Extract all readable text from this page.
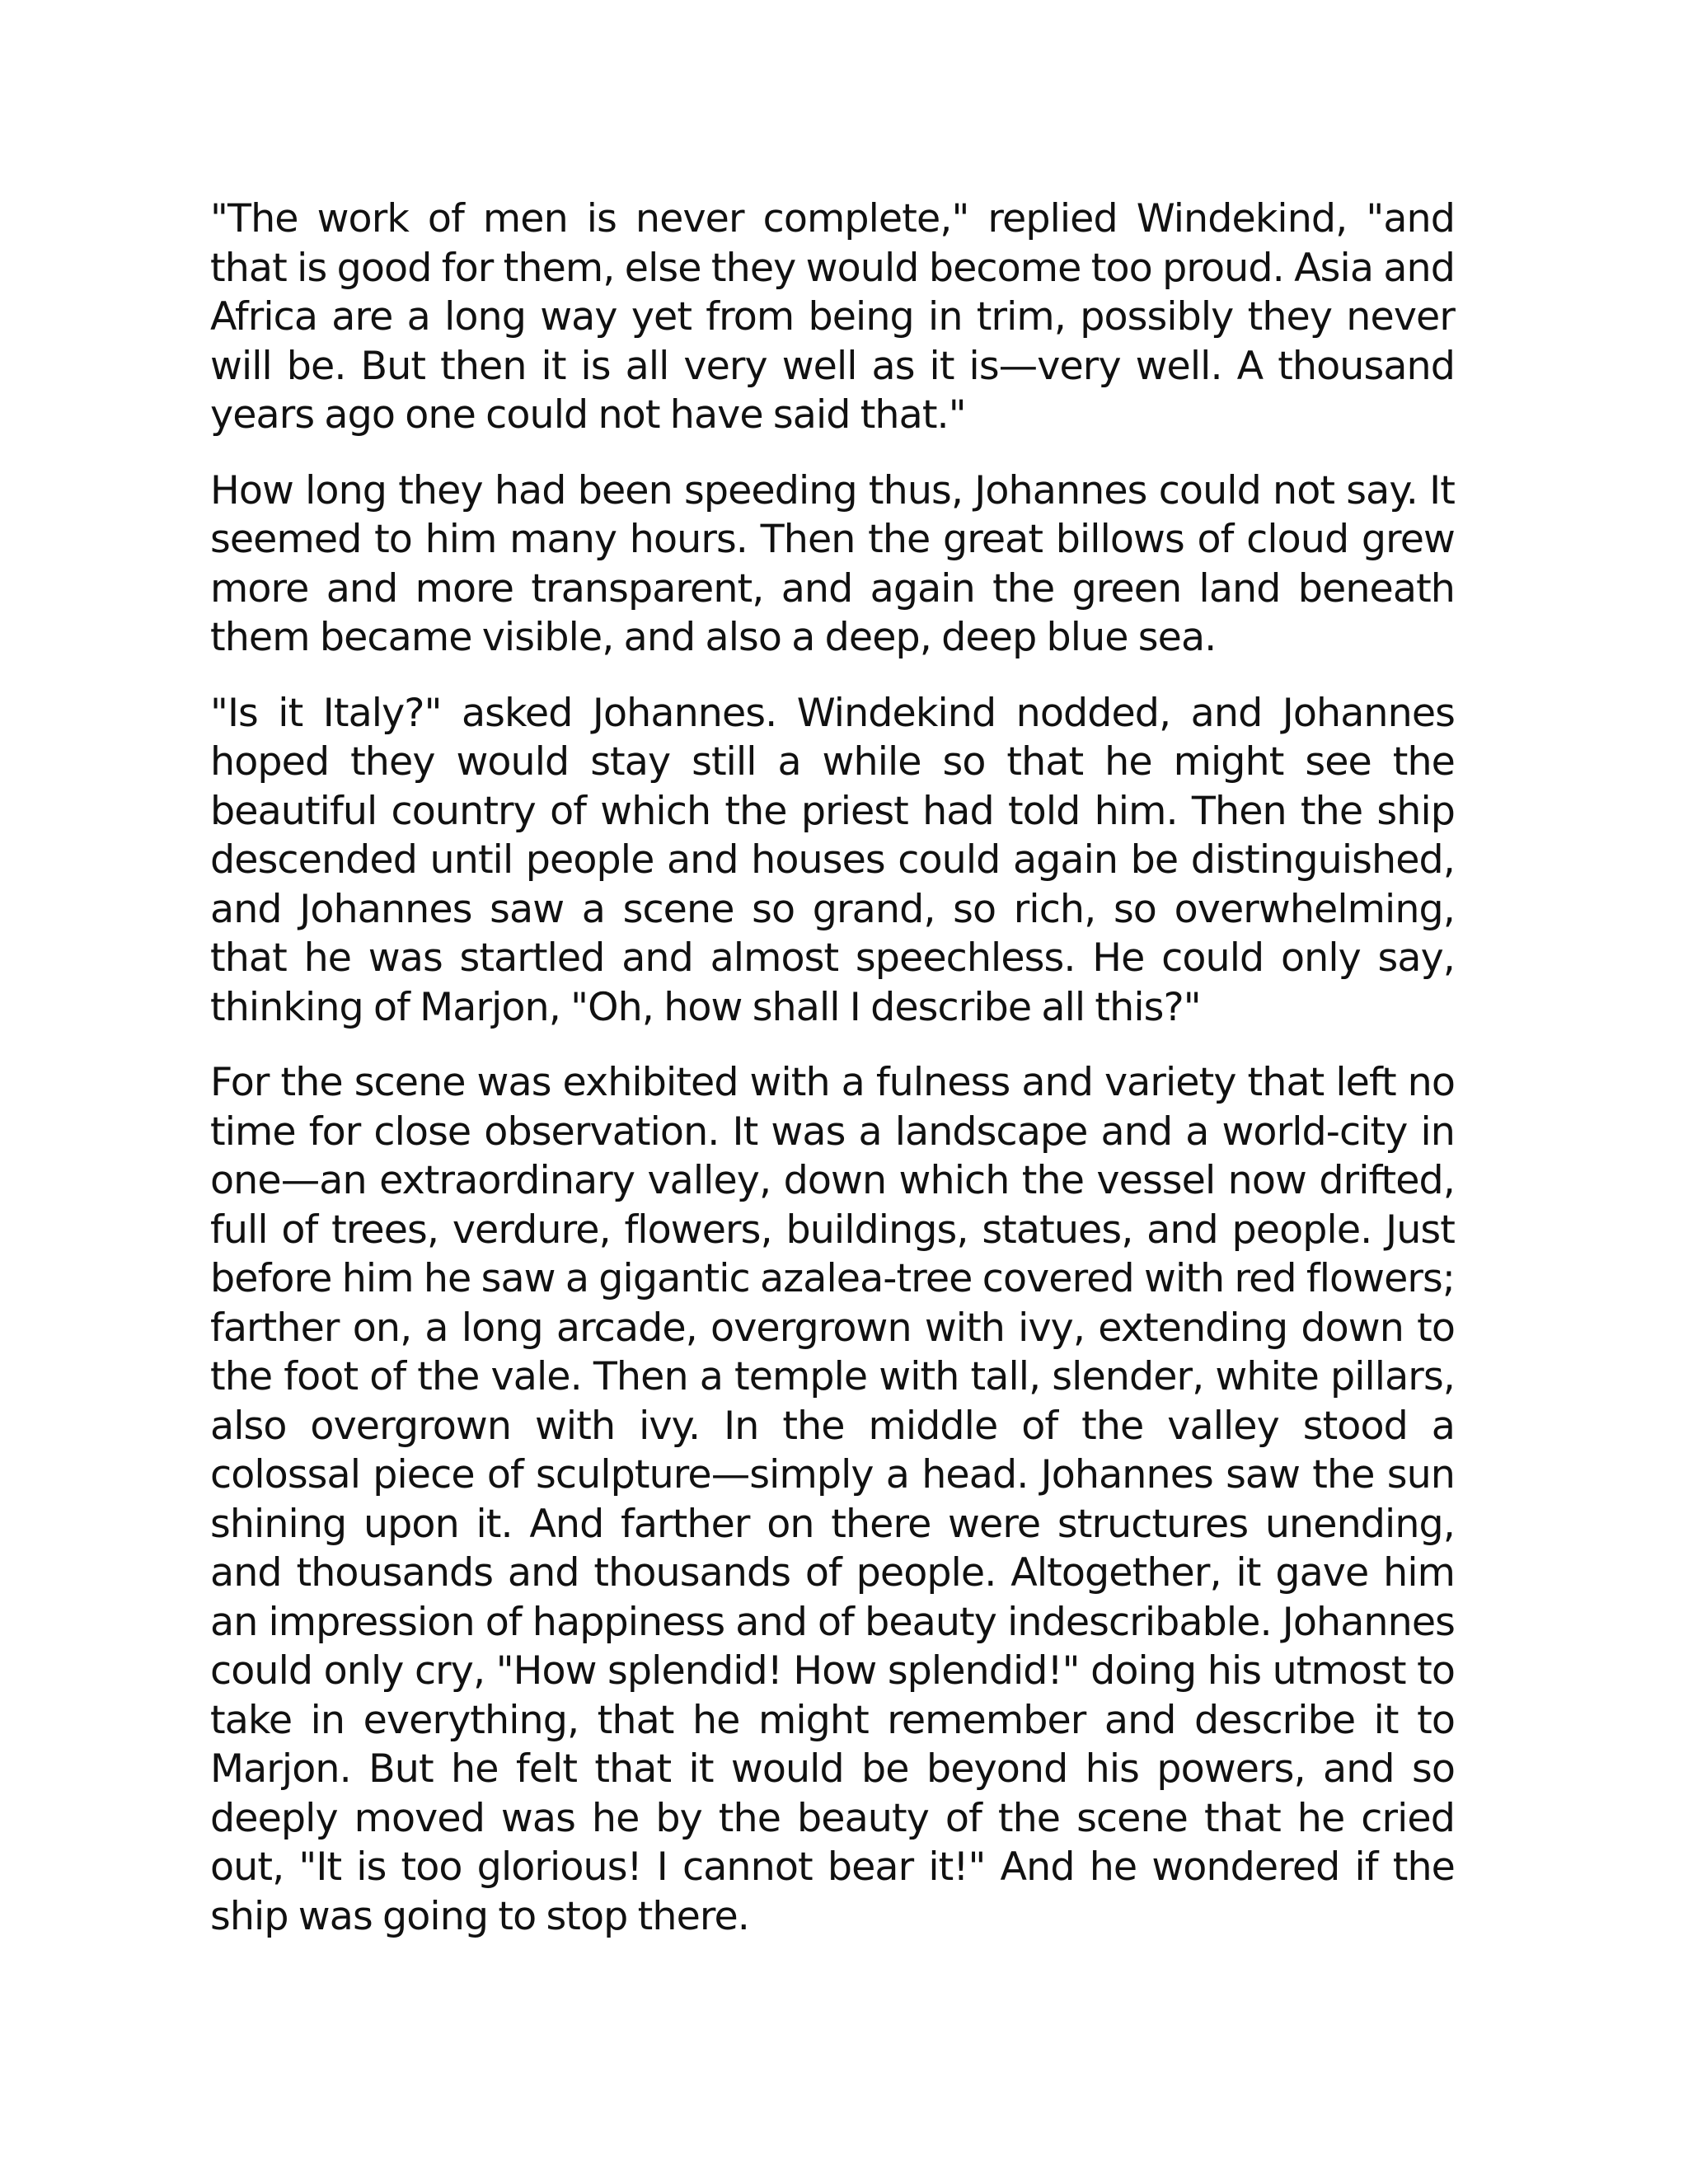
"The work of men is never complete," replied Windekind, "and that is good for them, else they would become too proud. Asia and Africa are a long way yet from being in trim, possibly they never will be. But then it is all very well as it is—very well. A thousand years ago one could not have said that."

How long they had been speeding thus, Johannes could not say. It seemed to him many hours. Then the great billows of cloud grew more and more transparent, and again the green land beneath them became visible, and also a deep, deep blue sea.

"Is it Italy?" asked Johannes. Windekind nodded, and Johannes hoped they would stay still a while so that he might see the beautiful country of which the priest had told him. Then the ship descended until people and houses could again be distinguished, and Johannes saw a scene so grand, so rich, so overwhelming, that he was startled and almost speechless. He could only say, thinking of Marjon, "Oh, how shall I describe all this?"

For the scene was exhibited with a fulness and variety that left no time for close observation. It was a landscape and a world-city in one—an extraordinary valley, down which the vessel now drifted, full of trees, verdure, flowers, buildings, statues, and people. Just before him he saw a gigantic azalea-tree covered with red flowers; farther on, a long arcade, overgrown with ivy, extending down to the foot of the vale. Then a temple with tall, slender, white pillars, also overgrown with ivy. In the middle of the valley stood a colossal piece of sculpture—simply a head. Johannes saw the sun shining upon it. And farther on there were structures unending, and thousands and thousands of people. Altogether, it gave him an impression of happiness and of beauty indescribable. Johannes could only cry, "How splendid! How splendid!" doing his utmost to take in everything, that he might remember and describe it to Marjon. But he felt that it would be beyond his powers, and so deeply moved was he by the beauty of the scene that he cried out, "It is too glorious! I cannot bear it!" And he wondered if the ship was going to stop there.
